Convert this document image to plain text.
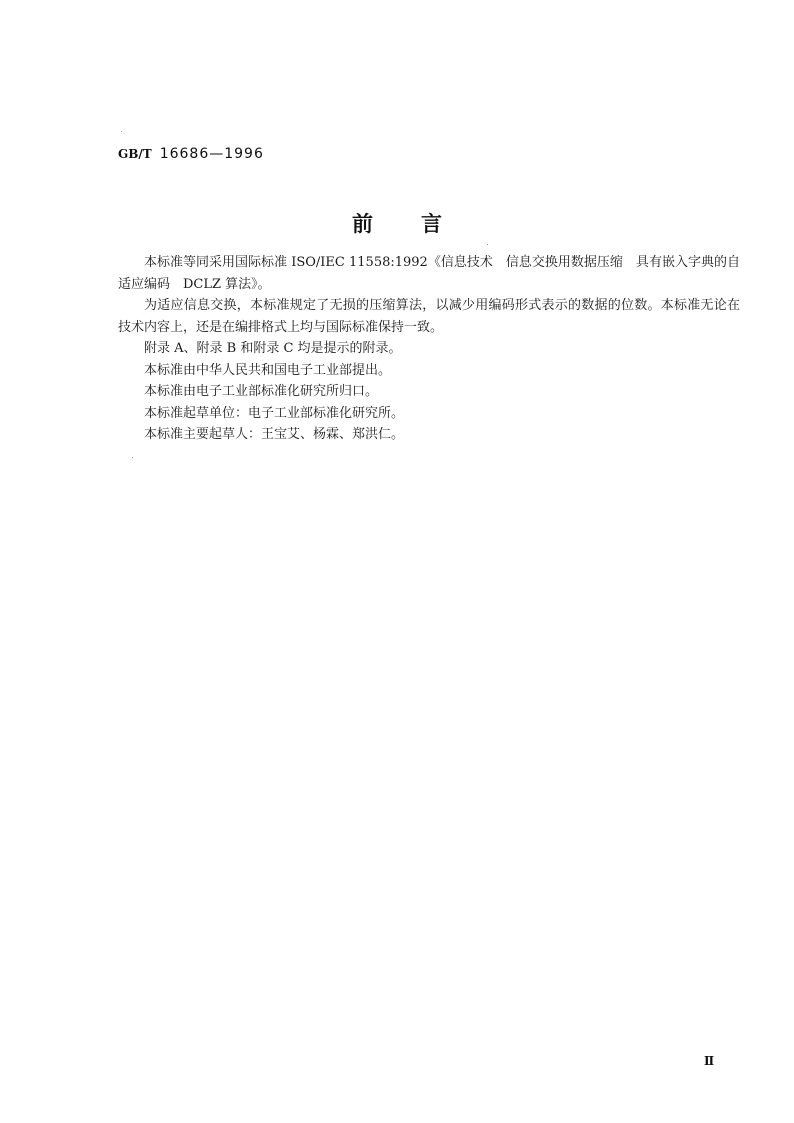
GB/T 16686—1996
前言

本标准等同采用国际标准 ISO/IEC 11558:1992《信息技术　信息交换用数据压缩　具有嵌入字典的自适应编码　DCLZ 算法》。

为适应信息交换，本标准规定了无损的压缩算法，以减少用编码形式表示的数据的位数。本标准无论在技术内容上，还是在编排格式上均与国际标准保持一致。

附录 A、附录 B 和附录 C 均是提示的附录。

本标准由中华人民共和国电子工业部提出。

本标准由电子工业部标准化研究所归口。

本标准起草单位：电子工业部标准化研究所。

本标准主要起草人：王宝艾、杨霖、郑洪仁。

Ⅱ
